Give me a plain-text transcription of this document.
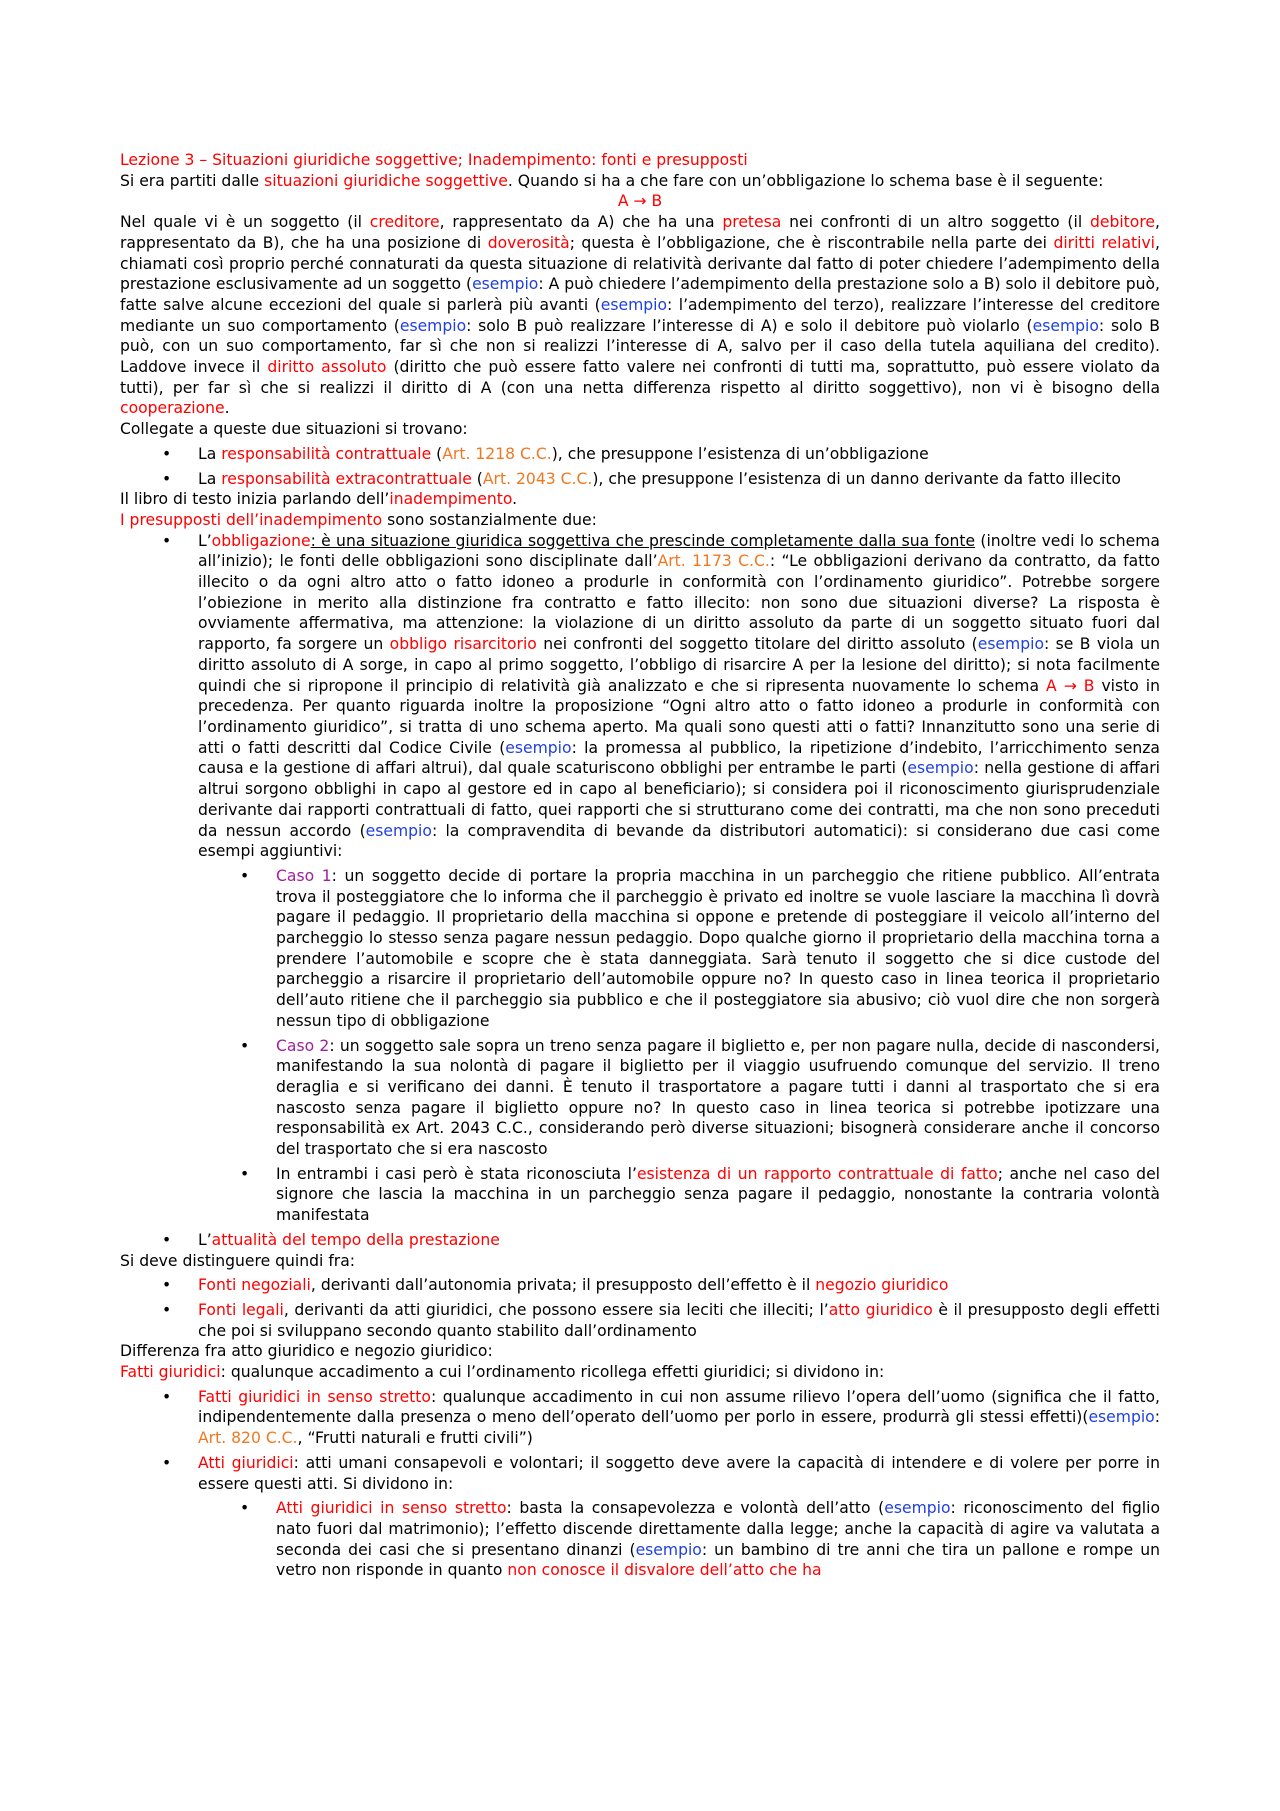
Lezione 3 – Situazioni giuridiche soggettive; Inadempimento: fonti e presupposti

Si era partiti dalle situazioni giuridiche soggettive. Quando si ha a che fare con un’obbligazione lo schema base è il seguente:

A → B

Nel quale vi è un soggetto (il creditore, rappresentato da A) che ha una pretesa nei confronti di un altro soggetto (il debitore, rappresentato da B), che ha una posizione di doverosità; questa è l’obbligazione, che è riscontrabile nella parte dei diritti relativi, chiamati così proprio perché connaturati da questa situazione di relatività derivante dal fatto di poter chiedere l’adempimento della prestazione esclusivamente ad un soggetto (esempio: A può chiedere l’adempimento della prestazione solo a B) solo il debitore può, fatte salve alcune eccezioni del quale si parlerà più avanti (esempio: l’adempimento del terzo), realizzare l’interesse del creditore mediante un suo comportamento (esempio: solo B può realizzare l’interesse di A) e solo il debitore può violarlo (esempio: solo B può, con un suo comportamento, far sì che non si realizzi l’interesse di A, salvo per il caso della tutela aquiliana del credito). Laddove invece il diritto assoluto (diritto che può essere fatto valere nei confronti di tutti ma, soprattutto, può essere violato da tutti), per far sì che si realizzi il diritto di A (con una netta differenza rispetto al diritto soggettivo), non vi è bisogno della cooperazione.

Collegate a queste due situazioni si trovano:

• La responsabilità contrattuale (Art. 1218 C.C.), che presuppone l’esistenza di un’obbligazione
• La responsabilità extracontrattuale (Art. 2043 C.C.), che presuppone l’esistenza di un danno derivante da fatto illecito

Il libro di testo inizia parlando dell’inadempimento.

I presupposti dell’inadempimento sono sostanzialmente due:

• L’obbligazione: è una situazione giuridica soggettiva che prescinde completamente dalla sua fonte (inoltre vedi lo schema all’inizio); le fonti delle obbligazioni sono disciplinate dall’Art. 1173 C.C.: “Le obbligazioni derivano da contratto, da fatto illecito o da ogni altro atto o fatto idoneo a produrle in conformità con l’ordinamento giuridico”. Potrebbe sorgere l’obiezione in merito alla distinzione fra contratto e fatto illecito: non sono due situazioni diverse? La risposta è ovviamente affermativa, ma attenzione: la violazione di un diritto assoluto da parte di un soggetto situato fuori dal rapporto, fa sorgere un obbligo risarcitorio nei confronti del soggetto titolare del diritto assoluto (esempio: se B viola un diritto assoluto di A sorge, in capo al primo soggetto, l’obbligo di risarcire A per la lesione del diritto); si nota facilmente quindi che si ripropone il principio di relatività già analizzato e che si ripresenta nuovamente lo schema A → B visto in precedenza. Per quanto riguarda inoltre la proposizione “Ogni altro atto o fatto idoneo a produrle in conformità con l’ordinamento giuridico”, si tratta di uno schema aperto. Ma quali sono questi atti o fatti? Innanzitutto sono una serie di atti o fatti descritti dal Codice Civile (esempio: la promessa al pubblico, la ripetizione d’indebito, l’arricchimento senza causa e la gestione di affari altrui), dal quale scaturiscono obblighi per entrambe le parti (esempio: nella gestione di affari altrui sorgono obblighi in capo al gestore ed in capo al beneficiario); si considera poi il riconoscimento giurisprudenziale derivante dai rapporti contrattuali di fatto, quei rapporti che si strutturano come dei contratti, ma che non sono preceduti da nessun accordo (esempio: la compravendita di bevande da distributori automatici): si considerano due casi come esempi aggiuntivi:
• Caso 1: un soggetto decide di portare la propria macchina in un parcheggio che ritiene pubblico. All’entrata trova il posteggiatore che lo informa che il parcheggio è privato ed inoltre se vuole lasciare la macchina lì dovrà pagare il pedaggio. Il proprietario della macchina si oppone e pretende di posteggiare il veicolo all’interno del parcheggio lo stesso senza pagare nessun pedaggio. Dopo qualche giorno il proprietario della macchina torna a prendere l’automobile e scopre che è stata danneggiata. Sarà tenuto il soggetto che si dice custode del parcheggio a risarcire il proprietario dell’automobile oppure no? In questo caso in linea teorica il proprietario dell’auto ritiene che il parcheggio sia pubblico e che il posteggiatore sia abusivo; ciò vuol dire che non sorgerà nessun tipo di obbligazione
• Caso 2: un soggetto sale sopra un treno senza pagare il biglietto e, per non pagare nulla, decide di nascondersi, manifestando la sua nolontà di pagare il biglietto per il viaggio usufruendo comunque del servizio. Il treno deraglia e si verificano dei danni. È tenuto il trasportatore a pagare tutti i danni al trasportato che si era nascosto senza pagare il biglietto oppure no? In questo caso in linea teorica si potrebbe ipotizzare una responsabilità ex Art. 2043 C.C., considerando però diverse situazioni; bisognerà considerare anche il concorso del trasportato che si era nascosto
• In entrambi i casi però è stata riconosciuta l’esistenza di un rapporto contrattuale di fatto; anche nel caso del signore che lascia la macchina in un parcheggio senza pagare il pedaggio, nonostante la contraria volontà manifestata
• L’attualità del tempo della prestazione

Si deve distinguere quindi fra:

• Fonti negoziali, derivanti dall’autonomia privata; il presupposto dell’effetto è il negozio giuridico
• Fonti legali, derivanti da atti giuridici, che possono essere sia leciti che illeciti; l’atto giuridico è il presupposto degli effetti che poi si sviluppano secondo quanto stabilito dall’ordinamento

Differenza fra atto giuridico e negozio giuridico:

Fatti giuridici: qualunque accadimento a cui l’ordinamento ricollega effetti giuridici; si dividono in:

• Fatti giuridici in senso stretto: qualunque accadimento in cui non assume rilievo l’opera dell’uomo (significa che il fatto, indipendentemente dalla presenza o meno dell’operato dell’uomo per porlo in essere, produrrà gli stessi effetti)(esempio: Art. 820 C.C., “Frutti naturali e frutti civili”)
• Atti giuridici: atti umani consapevoli e volontari; il soggetto deve avere la capacità di intendere e di volere per porre in essere questi atti. Si dividono in:
• Atti giuridici in senso stretto: basta la consapevolezza e volontà dell’atto (esempio: riconoscimento del figlio nato fuori dal matrimonio); l’effetto discende direttamente dalla legge; anche la capacità di agire va valutata a seconda dei casi che si presentano dinanzi (esempio: un bambino di tre anni che tira un pallone e rompe un vetro non risponde in quanto non conosce il disvalore dell’atto che ha
